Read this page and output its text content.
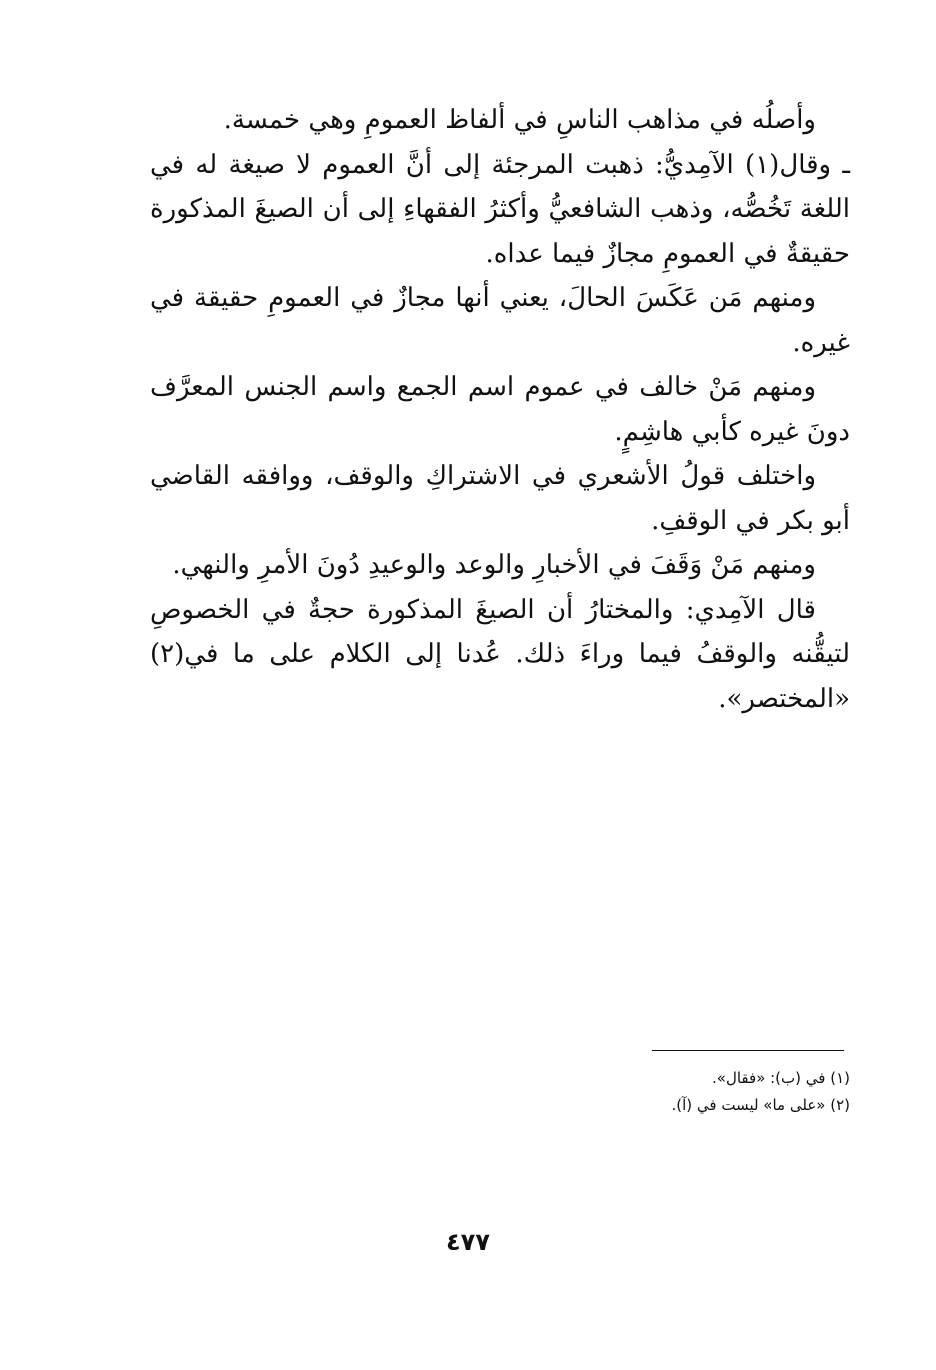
وأصلُه في مذاهب الناسِ في ألفاظ العمومِ وهي خمسة.

ـ وقال(١) الآمِديُّ: ذهبت المرجئة إلى أنَّ العموم لا صيغة له في اللغة تَخُصُّه، وذهب الشافعيُّ وأكثرُ الفقهاءِ إلى أن الصيغَ المذكورة حقيقةٌ في العمومِ مجازٌ فيما عداه.

ومنهم مَن عَكَسَ الحالَ، يعني أنها مجازٌ في العمومِ حقيقة في غيره.

ومنهم مَنْ خالف في عموم اسم الجمع واسم الجنس المعرَّف دونَ غيره كأبي هاشِمٍ.

واختلف قولُ الأشعري في الاشتراكِ والوقف، ووافقه القاضي أبو بكر في الوقفِ.

ومنهم مَنْ وَقَفَ في الأخبارِ والوعد والوعيدِ دُونَ الأمرِ والنهي.

قال الآمِدي: والمختارُ أن الصيغَ المذكورة حجةٌ في الخصوصِ لتيقُّنه والوقفُ فيما وراءَ ذلك. عُدنا إلى الكلام على ما في(٢) «المختصر».

(١) في (ب): «فقال».

(٢) «على ما» ليست في (آ).

٤٧٧
